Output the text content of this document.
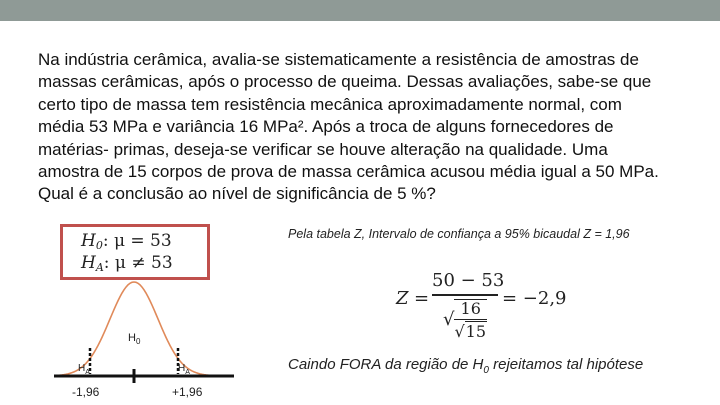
Na indústria cerâmica, avalia-se sistematicamente a resistência de amostras de
massas cerâmicas, após o processo de queima. Dessas avaliações, sabe-se que
certo tipo de massa tem resistência mecânica aproximadamente normal, com
média 53 MPa e variância 16 MPa². Após a troca de alguns fornecedores de
matérias- primas, deseja-se verificar se houve alteração na qualidade. Uma
amostra de 15 corpos de prova de massa cerâmica acusou média igual a 50 MPa.
Qual é a conclusão ao nível de significância de 5 %?
$H_0$: μ = 53
$H_A$: μ ≠ 53
Pela tabela Z, Intervalo de confiança a 95% bicaudal Z = 1,96
Z =
50 − 53
√ $\frac{16}{√15} = -2,9$
$H_0$
$H_A$	$H_A$
-1,96	+1,96
Caindo FORA da região de $H_0$ rejeitamos tal hipótese
